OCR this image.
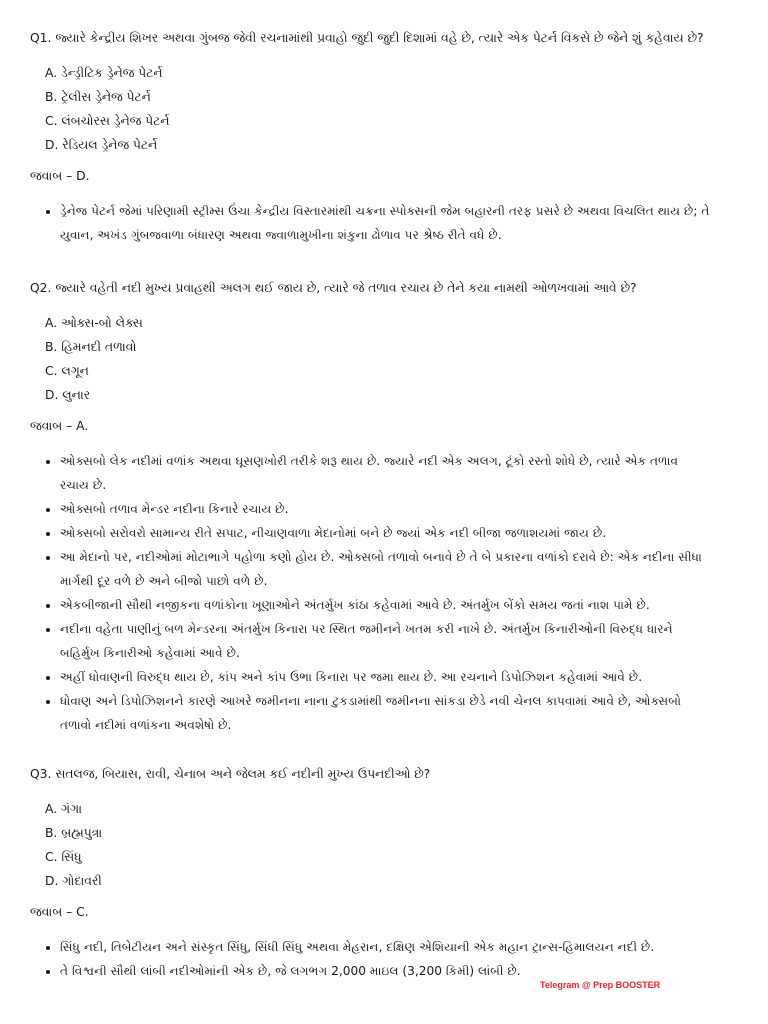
Q1. જ્યારે કેન્દ્રીય શિખર અથવા ગુંબજ જેવી રચનામાંથી પ્રવાહો જુદી જુદી દિશામાં વહે છે, ત્યારે એક પેટર્ન વિકસે છે જેને શું કહેવાય છે?

A. ડેન્ડ્રીટિક ડ્રેનેજ પેટર્ન
B. ટ્રેલીસ ડ્રેનેજ પેટર્ન
C. લંબચોરસ ડ્રેનેજ પેટર્ન
D. રેડિયલ ડ્રેનેજ પેટર્ન

જવાબ – D.

• ડ્રેનેજ પેટર્ન જેમાં પરિણામી સ્ટ્રીમ્સ ઉંચા કેન્દ્રીય વિસ્તારમાંથી ચક્રના સ્પોક્સની જેમ બહારની તરફ પ્રસરે છે અથવા વિચલિત થાય છે; તે યુવાન, અખંડ ગુંબજવાળા બંધારણ અથવા જ્વાળામુખીના શંકુના ઢોળાવ પર શ્રેષ્ઠ રીતે વધે છે.

Q2. જ્યારે વહેતી નદી મુખ્ય પ્રવાહથી અલગ થઈ જાય છે, ત્યારે જે તળાવ રચાય છે તેને કયા નામથી ઓળખવામાં આવે છે?

A. ઓક્સ-બો લેક્સ
B. હિમનદી તળાવો
C. લગૂન
D. લુનાર

જવાબ – A.

• ઓક્સબો લેક નદીમાં વળાંક અથવા ઘૂસણખોરી તરીકે શરૂ થાય છે. જ્યારે નદી એક અલગ, ટૂંકો રસ્તો શોધે છે, ત્યારે એક તળાવ રચાય છે.
• ઓક્સબો તળાવ મેન્ડર નદીના કિનારે રચાય છે.
• ઓક્સબો સરોવરો સામાન્ય રીતે સપાટ, નીચાણવાળા મેદાનોમાં બને છે જ્યાં એક નદી બીજા જળાશયમાં જાય છે.
• આ મેદાનો પર, નદીઓમાં મોટાભાગે પહોળા કણો હોય છે. ઓક્સબો તળાવો બનાવે છે તે બે પ્રકારના વળાંકો દરાવે છે: એક નદીના સીધા માર્ગથી દૂર વળે છે અને બીજો પાછો વળે છે.
• એકબીજાની સૌથી નજીકના વળાંકોના ખૂણાઓને અંતર્મુખ કાંઠા કહેવામાં આવે છે. અંતર્મુખ બેંકો સમય જતાં નાશ પામે છે.
• નદીના વહેતા પાણીનું બળ મેન્ડરના અંતર્મુખ કિનારા પર સ્થિત જમીનને ખતમ કરી નાખે છે. અંતર્મુખ કિનારીઓની વિરુદ્ધ ધારને બહિર્મુખ કિનારીઓ કહેવામાં આવે છે.
• અહીં ધોવાણની વિરુદ્ધ થાય છે, કાંપ અને કાંપ ઉભા કિનારા પર જમા થાય છે. આ રચનાને ડિપોઝિશન કહેવામાં આવે છે.
• ધોવાણ અને ડિપોઝિશનને કારણે આખરે જમીનના નાના ટુકડામાંથી જમીનના સાંકડા છેડે નવી ચેનલ કાપવામાં આવે છે, ઓક્સબો તળાવો નદીમાં વળાંકના અવશેષો છે.

Q3. સતલજ, બિયાસ, રાવી, ચેનાબ અને જેલમ કઈ નદીની મુખ્ય ઉપનદીઓ છે?

A. ગંગા
B. બ્રહ્મપુત્રા
C. સિંધુ
D. ગોદાવરી

જવાબ – C.

• સિંધુ નદી, તિબેટીયન અને સંસ્કૃત સિંધુ, સિંધી સિંધુ અથવા મેહરાન, દક્ષિણ એશિયાની એક મહાન ટ્રાન્સ-હિમાલયન નદી છે.
• તે વિશ્વની સૌથી લાંબી નદીઓમાંની એક છે, જે લગભગ 2,000 માઇલ (3,200 કિમી) લાંબી છે.
Telegram @ Prep BOOSTER
